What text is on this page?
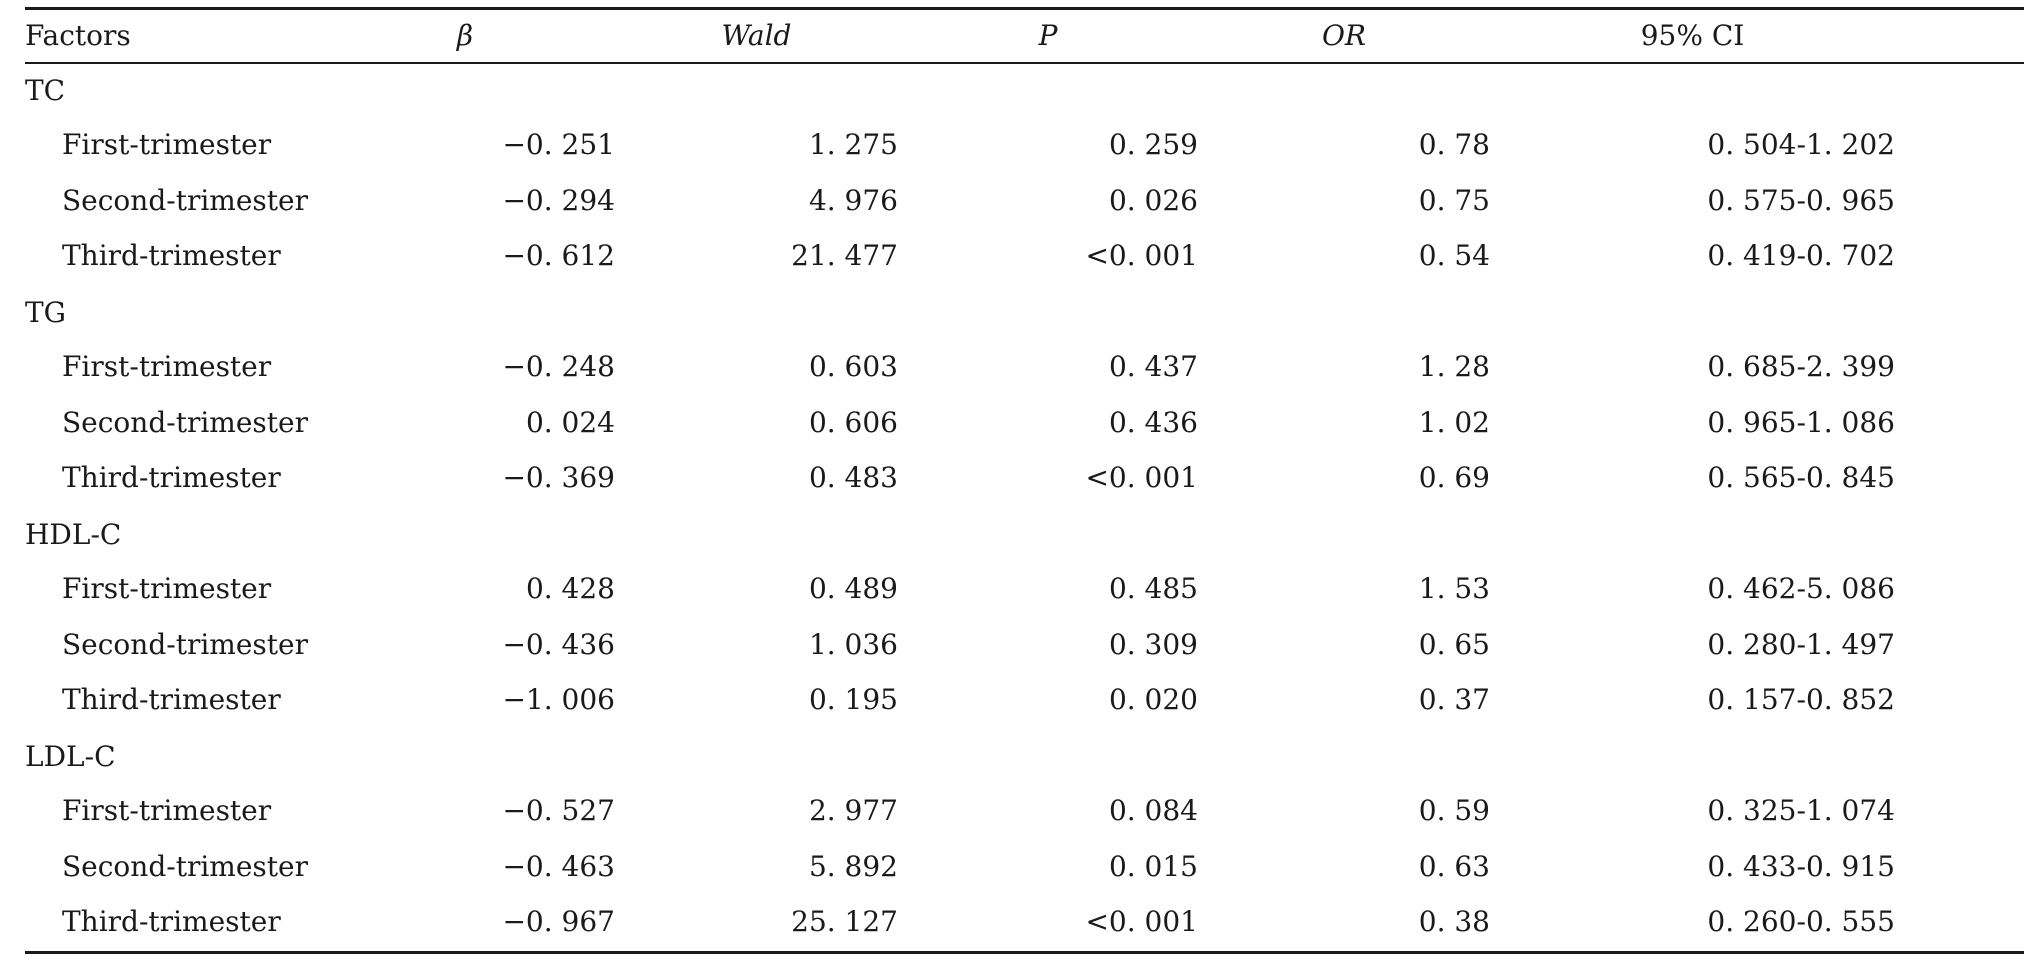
Factors	β	Wald	P	OR	95% CI	
TC						
First-trimester	−0. 251	1. 275	0. 259	0. 78	0. 504-1. 202	
Second-trimester	−0. 294	4. 976	0. 026	0. 75	0. 575-0. 965	
Third-trimester	−0. 612	21. 477	<0. 001	0. 54	0. 419-0. 702	
TG						
First-trimester	−0. 248	0. 603	0. 437	1. 28	0. 685-2. 399	
Second-trimester	0. 024	0. 606	0. 436	1. 02	0. 965-1. 086	
Third-trimester	−0. 369	0. 483	<0. 001	0. 69	0. 565-0. 845	
HDL-C						
First-trimester	0. 428	0. 489	0. 485	1. 53	0. 462-5. 086	
Second-trimester	−0. 436	1. 036	0. 309	0. 65	0. 280-1. 497	
Third-trimester	−1. 006	0. 195	0. 020	0. 37	0. 157-0. 852	
LDL-C						
First-trimester	−0. 527	2. 977	0. 084	0. 59	0. 325-1. 074	
Second-trimester	−0. 463	5. 892	0. 015	0. 63	0. 433-0. 915	
Third-trimester	−0. 967	25. 127	<0. 001	0. 38	0. 260-0. 555	
